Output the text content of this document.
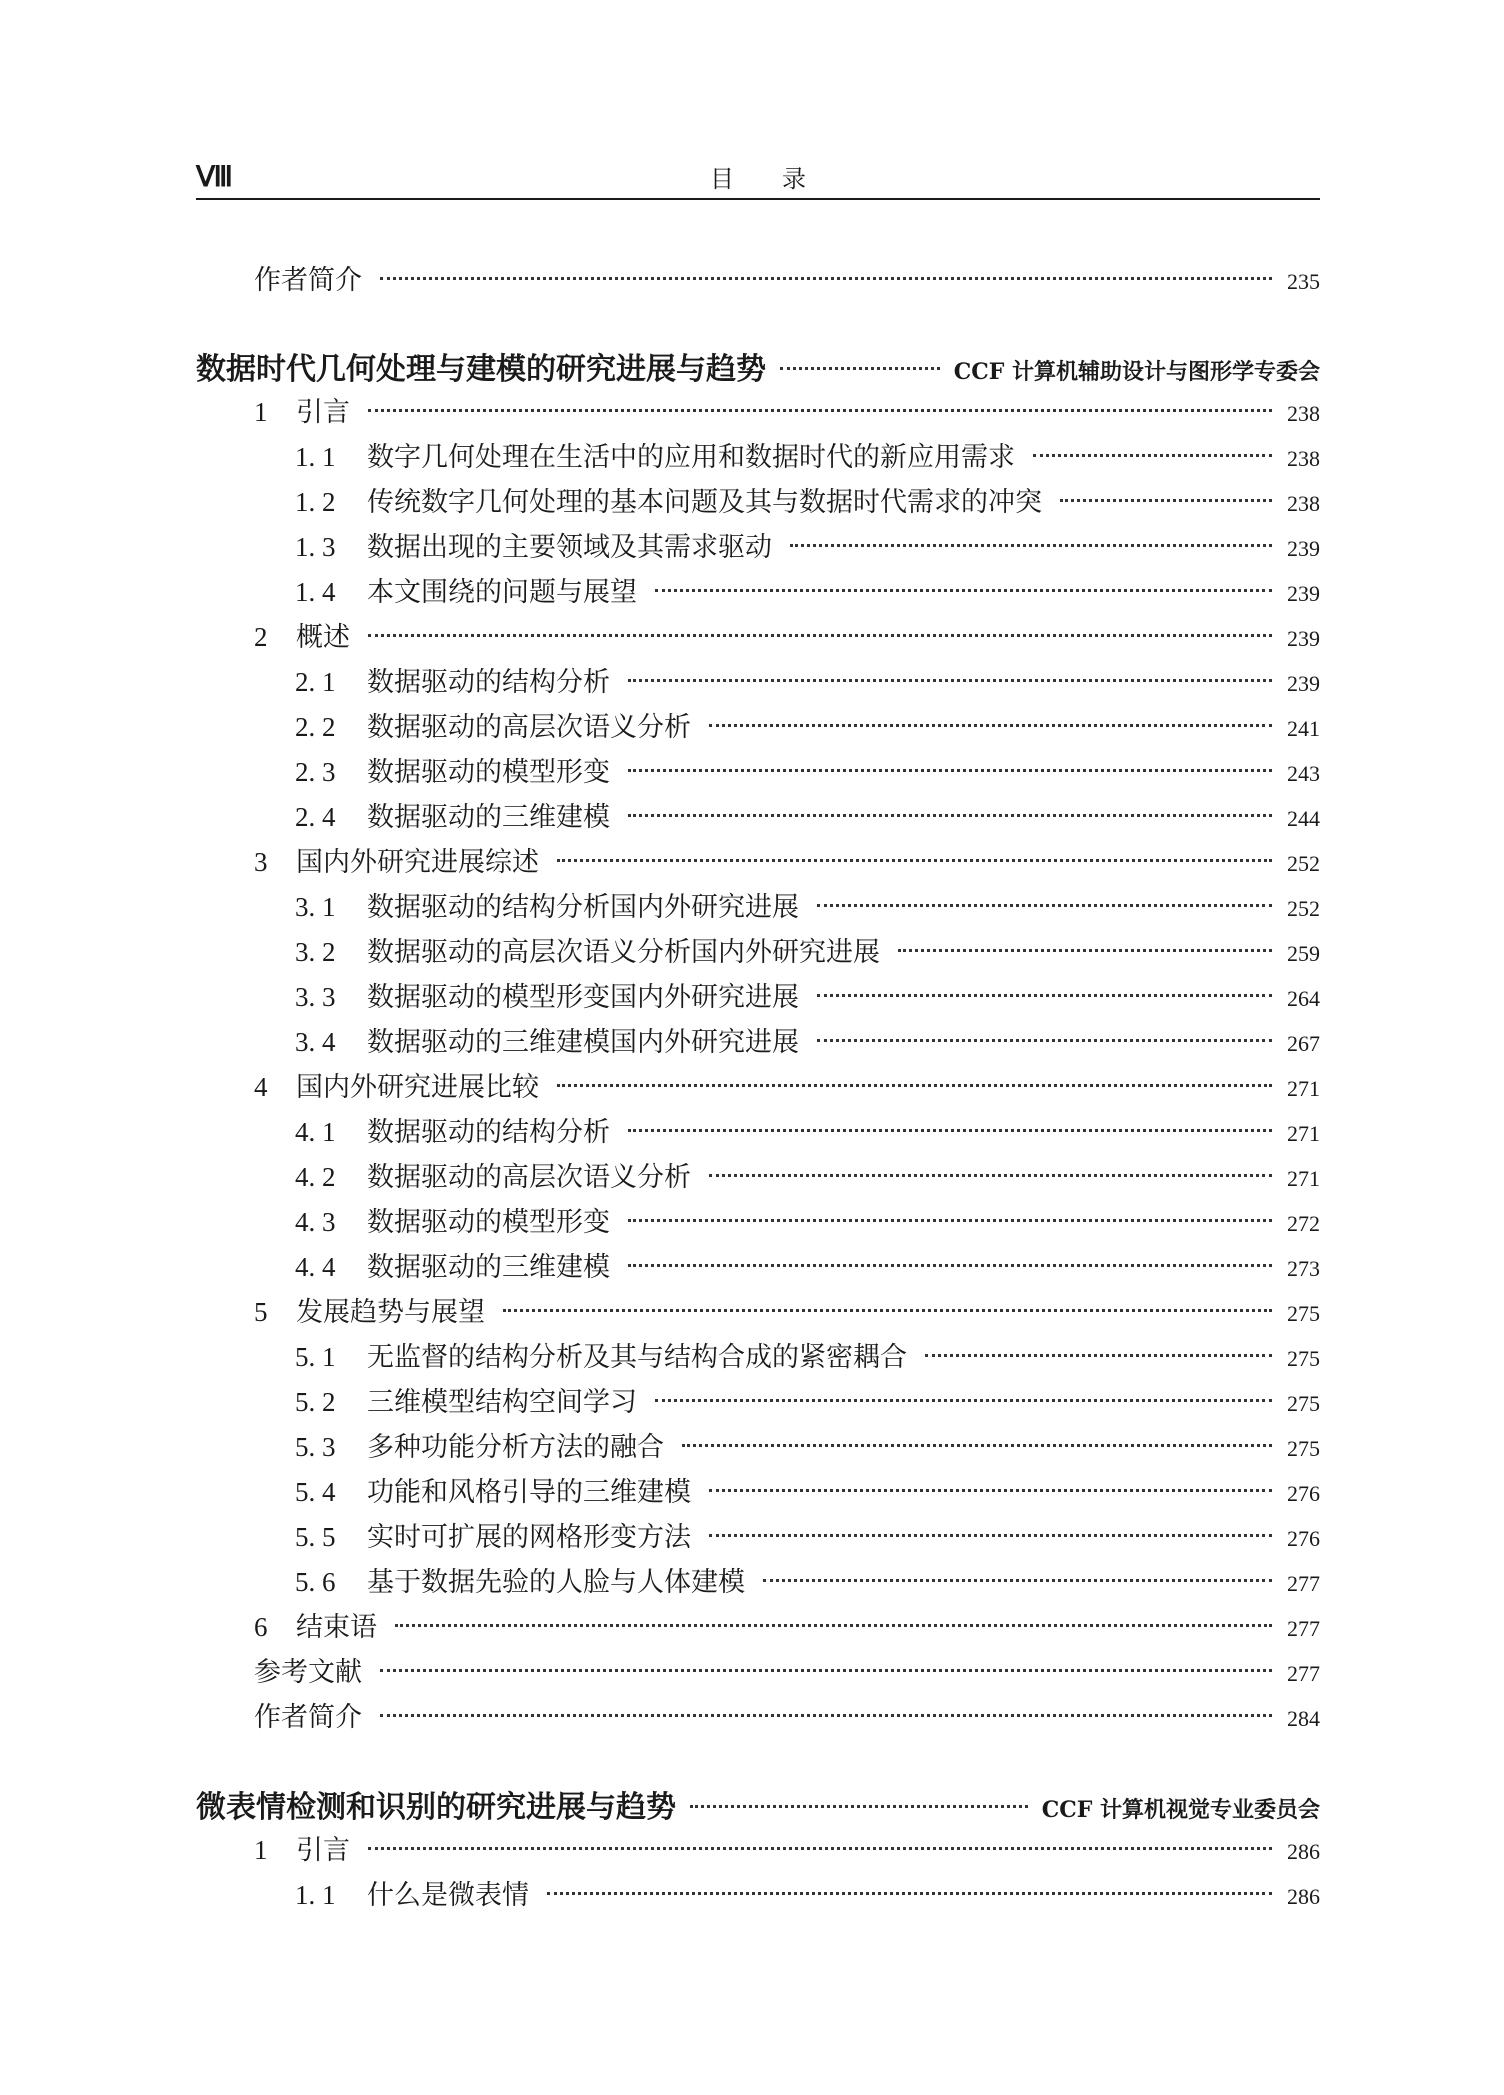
Ⅷ	目　　录
作者简介	235
数据时代几何处理与建模的研究进展与趋势	CCF 计算机辅助设计与图形学专委会
1	引言	238
1. 1	数字几何处理在生活中的应用和数据时代的新应用需求	238
1. 2	传统数字几何处理的基本问题及其与数据时代需求的冲突	238
1. 3	数据出现的主要领域及其需求驱动	239
1. 4	本文围绕的问题与展望	239
2	概述	239
2. 1	数据驱动的结构分析	239
2. 2	数据驱动的高层次语义分析	241
2. 3	数据驱动的模型形变	243
2. 4	数据驱动的三维建模	244
3	国内外研究进展综述	252
3. 1	数据驱动的结构分析国内外研究进展	252
3. 2	数据驱动的高层次语义分析国内外研究进展	259
3. 3	数据驱动的模型形变国内外研究进展	264
3. 4	数据驱动的三维建模国内外研究进展	267
4	国内外研究进展比较	271
4. 1	数据驱动的结构分析	271
4. 2	数据驱动的高层次语义分析	271
4. 3	数据驱动的模型形变	272
4. 4	数据驱动的三维建模	273
5	发展趋势与展望	275
5. 1	无监督的结构分析及其与结构合成的紧密耦合	275
5. 2	三维模型结构空间学习	275
5. 3	多种功能分析方法的融合	275
5. 4	功能和风格引导的三维建模	276
5. 5	实时可扩展的网格形变方法	276
5. 6	基于数据先验的人脸与人体建模	277
6	结束语	277
参考文献	277
作者简介	284
微表情检测和识别的研究进展与趋势	CCF 计算机视觉专业委员会
1	引言	286
1. 1	什么是微表情	286
